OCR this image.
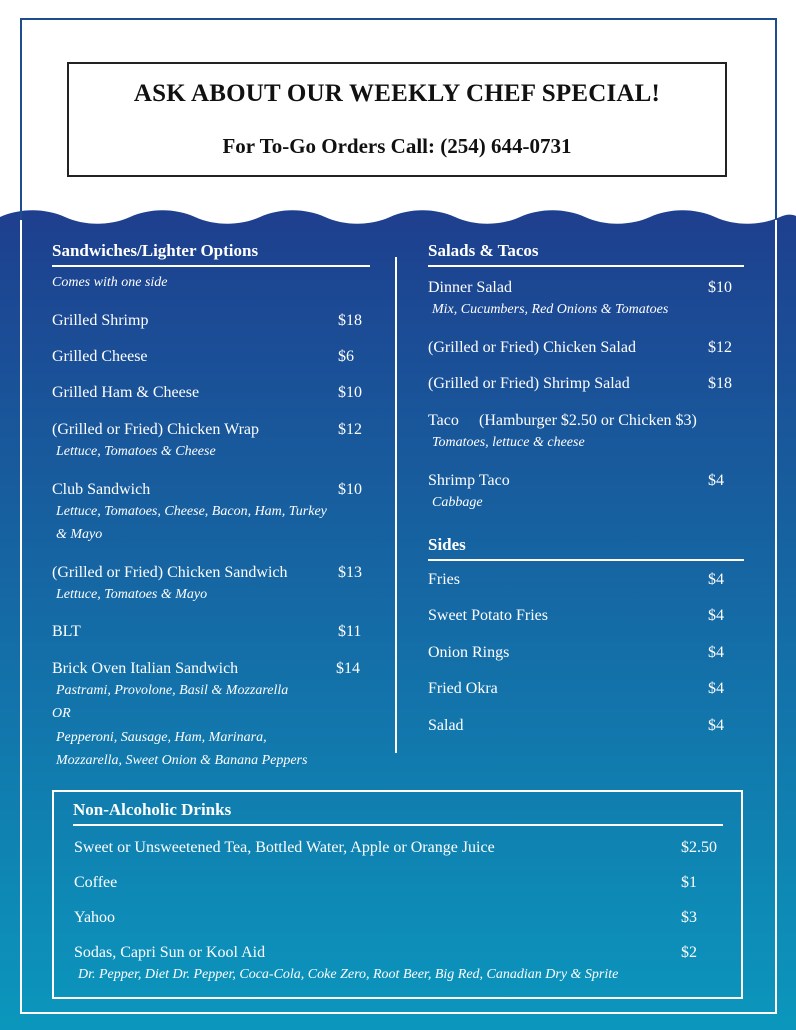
ASK ABOUT OUR WEEKLY CHEF SPECIAL!
For To-Go Orders Call: (254) 644-0731
Sandwiches/Lighter Options
Comes with one side
Grilled Shrimp	$18
Grilled Cheese	$6
Grilled Ham & Cheese	$10
(Grilled or Fried) Chicken Wrap	$12
Lettuce, Tomatoes & Cheese
Club Sandwich	$10
Lettuce, Tomatoes, Cheese, Bacon, Ham, Turkey
& Mayo
(Grilled or Fried) Chicken Sandwich	$13
Lettuce, Tomatoes & Mayo
BLT	$11
Brick Oven Italian Sandwich	$14
Pastrami, Provolone, Basil & Mozzarella
OR
Pepperoni, Sausage, Ham, Marinara,
Mozzarella, Sweet Onion & Banana Peppers
Salads & Tacos
Dinner Salad	$10
Mix, Cucumbers, Red Onions & Tomatoes
(Grilled or Fried) Chicken Salad	$12
(Grilled or Fried) Shrimp Salad	$18
Taco (Hamburger $2.50 or Chicken $3)
Tomatoes, lettuce & cheese
Shrimp Taco	$4
Cabbage
Sides
Fries	$4
Sweet Potato Fries	$4
Onion Rings	$4
Fried Okra	$4
Salad	$4
Non-Alcoholic Drinks
Sweet or Unsweetened Tea, Bottled Water, Apple or Orange Juice	$2.50
Coffee	$1
Yahoo	$3
Sodas, Capri Sun or Kool Aid	$2
Dr. Pepper, Diet Dr. Pepper, Coca-Cola, Coke Zero, Root Beer, Big Red, Canadian Dry & Sprite
